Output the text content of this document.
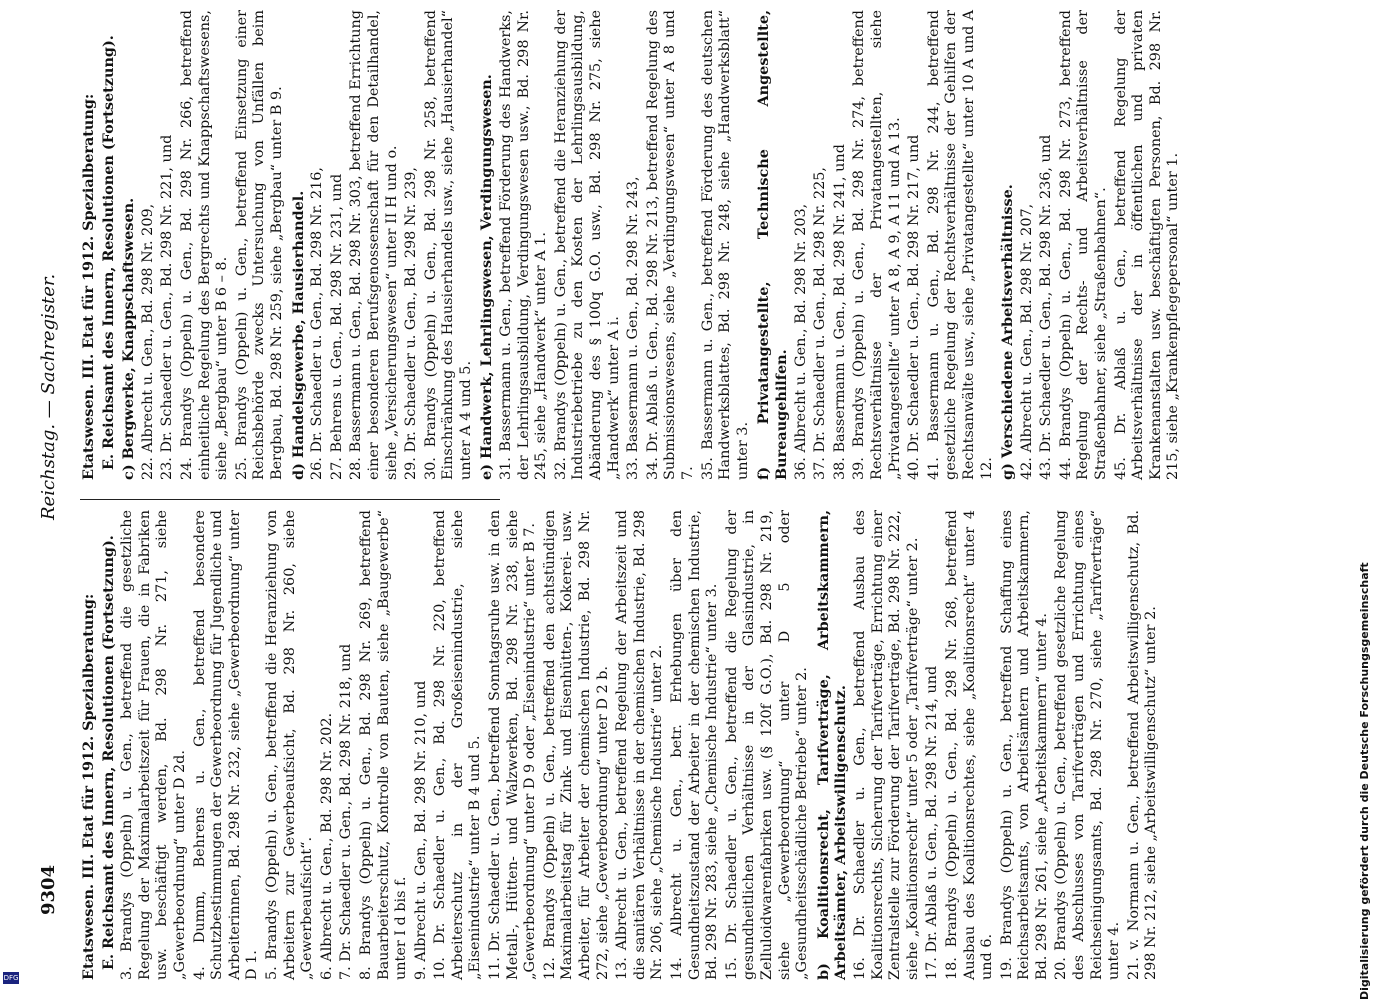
9304
Reichstag. — Sachregister.
Etatswesen. III. Etat für 1912. Spezialberatung: E. Reichsamt des Innern, Resolutionen (Fortsetzung). 3. Brandys (Oppeln) u. Gen., betreffend die gesetzliche Regelung der Maximalarbeitszeit für Frauen, die in Fabriken usw. beschäftigt werden, Bd. 298 Nr. 271, siehe „Gewerbeordnung“ unter D 2d. 4. Dumm, Behrens u. Gen., betreffend besondere Schutzbestimmungen der Gewerbeordnung für Jugendliche und Arbeiterinnen, Bd. 298 Nr. 232, siehe „Gewerbeordnung“ unter D 1. 5. Brandys (Oppeln) u. Gen., betreffend die Heranziehung von Arbeitern zur Gewerbeaufsicht, Bd. 298 Nr. 260, siehe „Gewerbeaufsicht“. 6. Albrecht u. Gen., Bd. 298 Nr. 202. 7. Dr. Schaedler u. Gen., Bd. 298 Nr. 218, und 8. Brandys (Oppeln) u. Gen., Bd. 298 Nr. 269, betreffend Bauarbeiterschutz, Kontrolle von Bauten, siehe „Baugewerbe“ unter I d bis f. 9. Albrecht u. Gen., Bd. 298 Nr. 210, und 10. Dr. Schaedler u. Gen., Bd. 298 Nr. 220, betreffend Arbeiterschutz in der Großeisenindustrie, siehe „Eisenindustrie“ unter B 4 und 5. 11. Dr. Schaedler u. Gen., betreffend Sonntagsruhe usw. in den Metall-, Hütten- und Walzwerken, Bd. 298 Nr. 238, siehe „Gewerbeordnung“ unter D 9 oder „Eisenindustrie“ unter B 7. 12. Brandys (Oppeln) u. Gen., betreffend den achtstündigen Maximalarbeitstag für Zink- und Eisenhütten-, Kokerei- usw. Arbeiter, für Arbeiter der chemischen Industrie, Bd. 298 Nr. 272, siehe „Gewerbeordnung“ unter D 2 b. 13. Albrecht u. Gen., betreffend Regelung der Arbeitszeit und die sanitären Verhältnisse in der chemischen Industrie, Bd. 298 Nr. 206, siehe „Chemische Industrie“ unter 2. 14. Albrecht u. Gen., betr. Erhebungen über den Gesundheitszustand der Arbeiter in der chemischen Industrie, Bd. 298 Nr. 283, siehe „Chemische Industrie“ unter 3. 15. Dr. Schaedler u. Gen., betreffend die Regelung der gesundheitlichen Verhältnisse in der Glasindustrie, in Zelluloidwarenfabriken usw. (§ 120f G.O.), Bd. 298 Nr. 219, siehe „Gewerbeordnung“ unter D 5 oder „Gesundheitsschädliche Betriebe“ unter 2. b) Koalitionsrecht, Tarifverträge, Arbeitskammern, Arbeitsämter, Arbeitswilligenschutz. 16. Dr. Schaedler u. Gen., betreffend Ausbau des Koalitionsrechts, Sicherung der Tarifverträge, Errichtung einer Zentralstelle zur Förderung der Tarifverträge, Bd. 298 Nr. 222, siehe „Koalitionsrecht“ unter 5 oder „Tarifverträge“ unter 2. 17. Dr. Ablaß u. Gen., Bd. 298 Nr. 214, und 18. Brandys (Oppeln) u. Gen., Bd. 298 Nr. 268, betreffend Ausbau des Koalitionsrechtes, siehe „Koalitionsrecht“ unter 4 und 6. 19. Brandys (Oppeln) u. Gen., betreffend Schaffung eines Reichsarbeitsamts, von Arbeitsämtern und Arbeitskammern, Bd. 298 Nr. 261, siehe „Arbeitskammern“ unter 4. 20. Brandys (Oppeln) u. Gen., betreffend gesetzliche Regelung des Abschlusses von Tarifverträgen und Errichtung eines Reichseinigungsamts, Bd. 298 Nr. 270, siehe „Tarifverträge“ unter 4. 21. v. Normann u. Gen., betreffend Arbeitswilligenschutz, Bd. 298 Nr. 212, siehe „Arbeitswilligenschutz“ unter 2.
Etatswesen. III. Etat für 1912. Spezialberatung: E. Reichsamt des Innern, Resolutionen (Fortsetzung). c) Bergwerke, Knappschaftswesen. 22. Albrecht u. Gen., Bd. 298 Nr. 209, 23. Dr. Schaedler u. Gen., Bd. 298 Nr. 221, und 24. Brandys (Oppeln) u. Gen., Bd. 298 Nr. 266, betreffend einheitliche Regelung des Bergrechts und Knappschaftswesens, siehe „Bergbau“ unter B 6 – 8. 25. Brandys (Oppeln) u. Gen., betreffend Einsetzung einer Reichsbehörde zwecks Untersuchung von Unfällen beim Bergbau, Bd. 298 Nr. 259, siehe „Bergbau“ unter B 9. d) Handelsgewerbe, Hausierhandel. 26. Dr. Schaedler u. Gen., Bd. 298 Nr. 216, 27. Behrens u. Gen., Bd. 298 Nr. 231, und 28. Bassermann u. Gen., Bd. 298 Nr. 303, betreffend Errichtung einer besonderen Berufsgenossenschaft für den Detailhandel, siehe „Versicherungswesen“ unter II H und o. 29. Dr. Schaedler u. Gen., Bd. 298 Nr. 239, 30. Brandys (Oppeln) u. Gen., Bd. 298 Nr. 258, betreffend Einschränkung des Hausierhandels usw., siehe „Hausierhandel“ unter A 4 und 5. e) Handwerk, Lehrlingswesen, Verdingungswesen. 31. Bassermann u. Gen., betreffend Förderung des Handwerks, der Lehrlingsausbildung, Verdingungswesen usw., Bd. 298 Nr. 245, siehe „Handwerk“ unter A 1. 32. Brandys (Oppeln) u. Gen., betreffend die Heranziehung der Industriebetriebe zu den Kosten der Lehrlingsausbildung, Abänderung des § 100q G.O. usw., Bd. 298 Nr. 275, siehe „Handwerk“ unter A i. 33. Bassermann u. Gen., Bd. 298 Nr. 243, 34. Dr. Ablaß u. Gen., Bd. 298 Nr. 213, betreffend Regelung des Submissionswesens, siehe „Verdingungswesen“ unter A 8 und 7. 35. Bassermann u. Gen., betreffend Förderung des deutschen Handwerksblattes, Bd. 298 Nr. 248, siehe „Handwerksblatt“ unter 3. f) Privatangestellte, Technische Angestellte, Bureaugehilfen. 36. Albrecht u. Gen., Bd. 298 Nr. 203, 37. Dr. Schaedler u. Gen., Bd. 298 Nr. 225, 38. Bassermann u. Gen., Bd. 298 Nr. 241, und 39. Brandys (Oppeln) u. Gen., Bd. 298 Nr. 274, betreffend Rechtsverhältnisse der Privatangestellten, siehe „Privatangestellte“ unter A 8, A 9, A 11 und A 13. 40. Dr. Schaedler u. Gen., Bd. 298 Nr. 217, und 41. Bassermann u. Gen., Bd. 298 Nr. 244, betreffend gesetzliche Regelung der Rechtsverhältnisse der Gehilfen der Rechtsanwälte usw., siehe „Privatangestellte“ unter 10 A und A 12. g) Verschiedene Arbeitsverhältnisse. 42. Albrecht u. Gen., Bd. 298 Nr. 207, 43. Dr. Schaedler u. Gen., Bd. 298 Nr. 236, und 44. Brandys (Oppeln) u. Gen., Bd. 298 Nr. 273, betreffend Regelung der Rechts- und Arbeitsverhältnisse der Straßenbahner, siehe „Straßenbahnen“. 45. Dr. Ablaß u. Gen., betreffend Regelung der Arbeitsverhältnisse der in öffentlichen und privaten Krankenanstalten usw. beschäftigten Personen, Bd. 298 Nr. 215, siehe „Krankenpflegepersonal“ unter 1.
Digitalisierung gefördert durch die Deutsche Forschungsgemeinschaft
DFG
